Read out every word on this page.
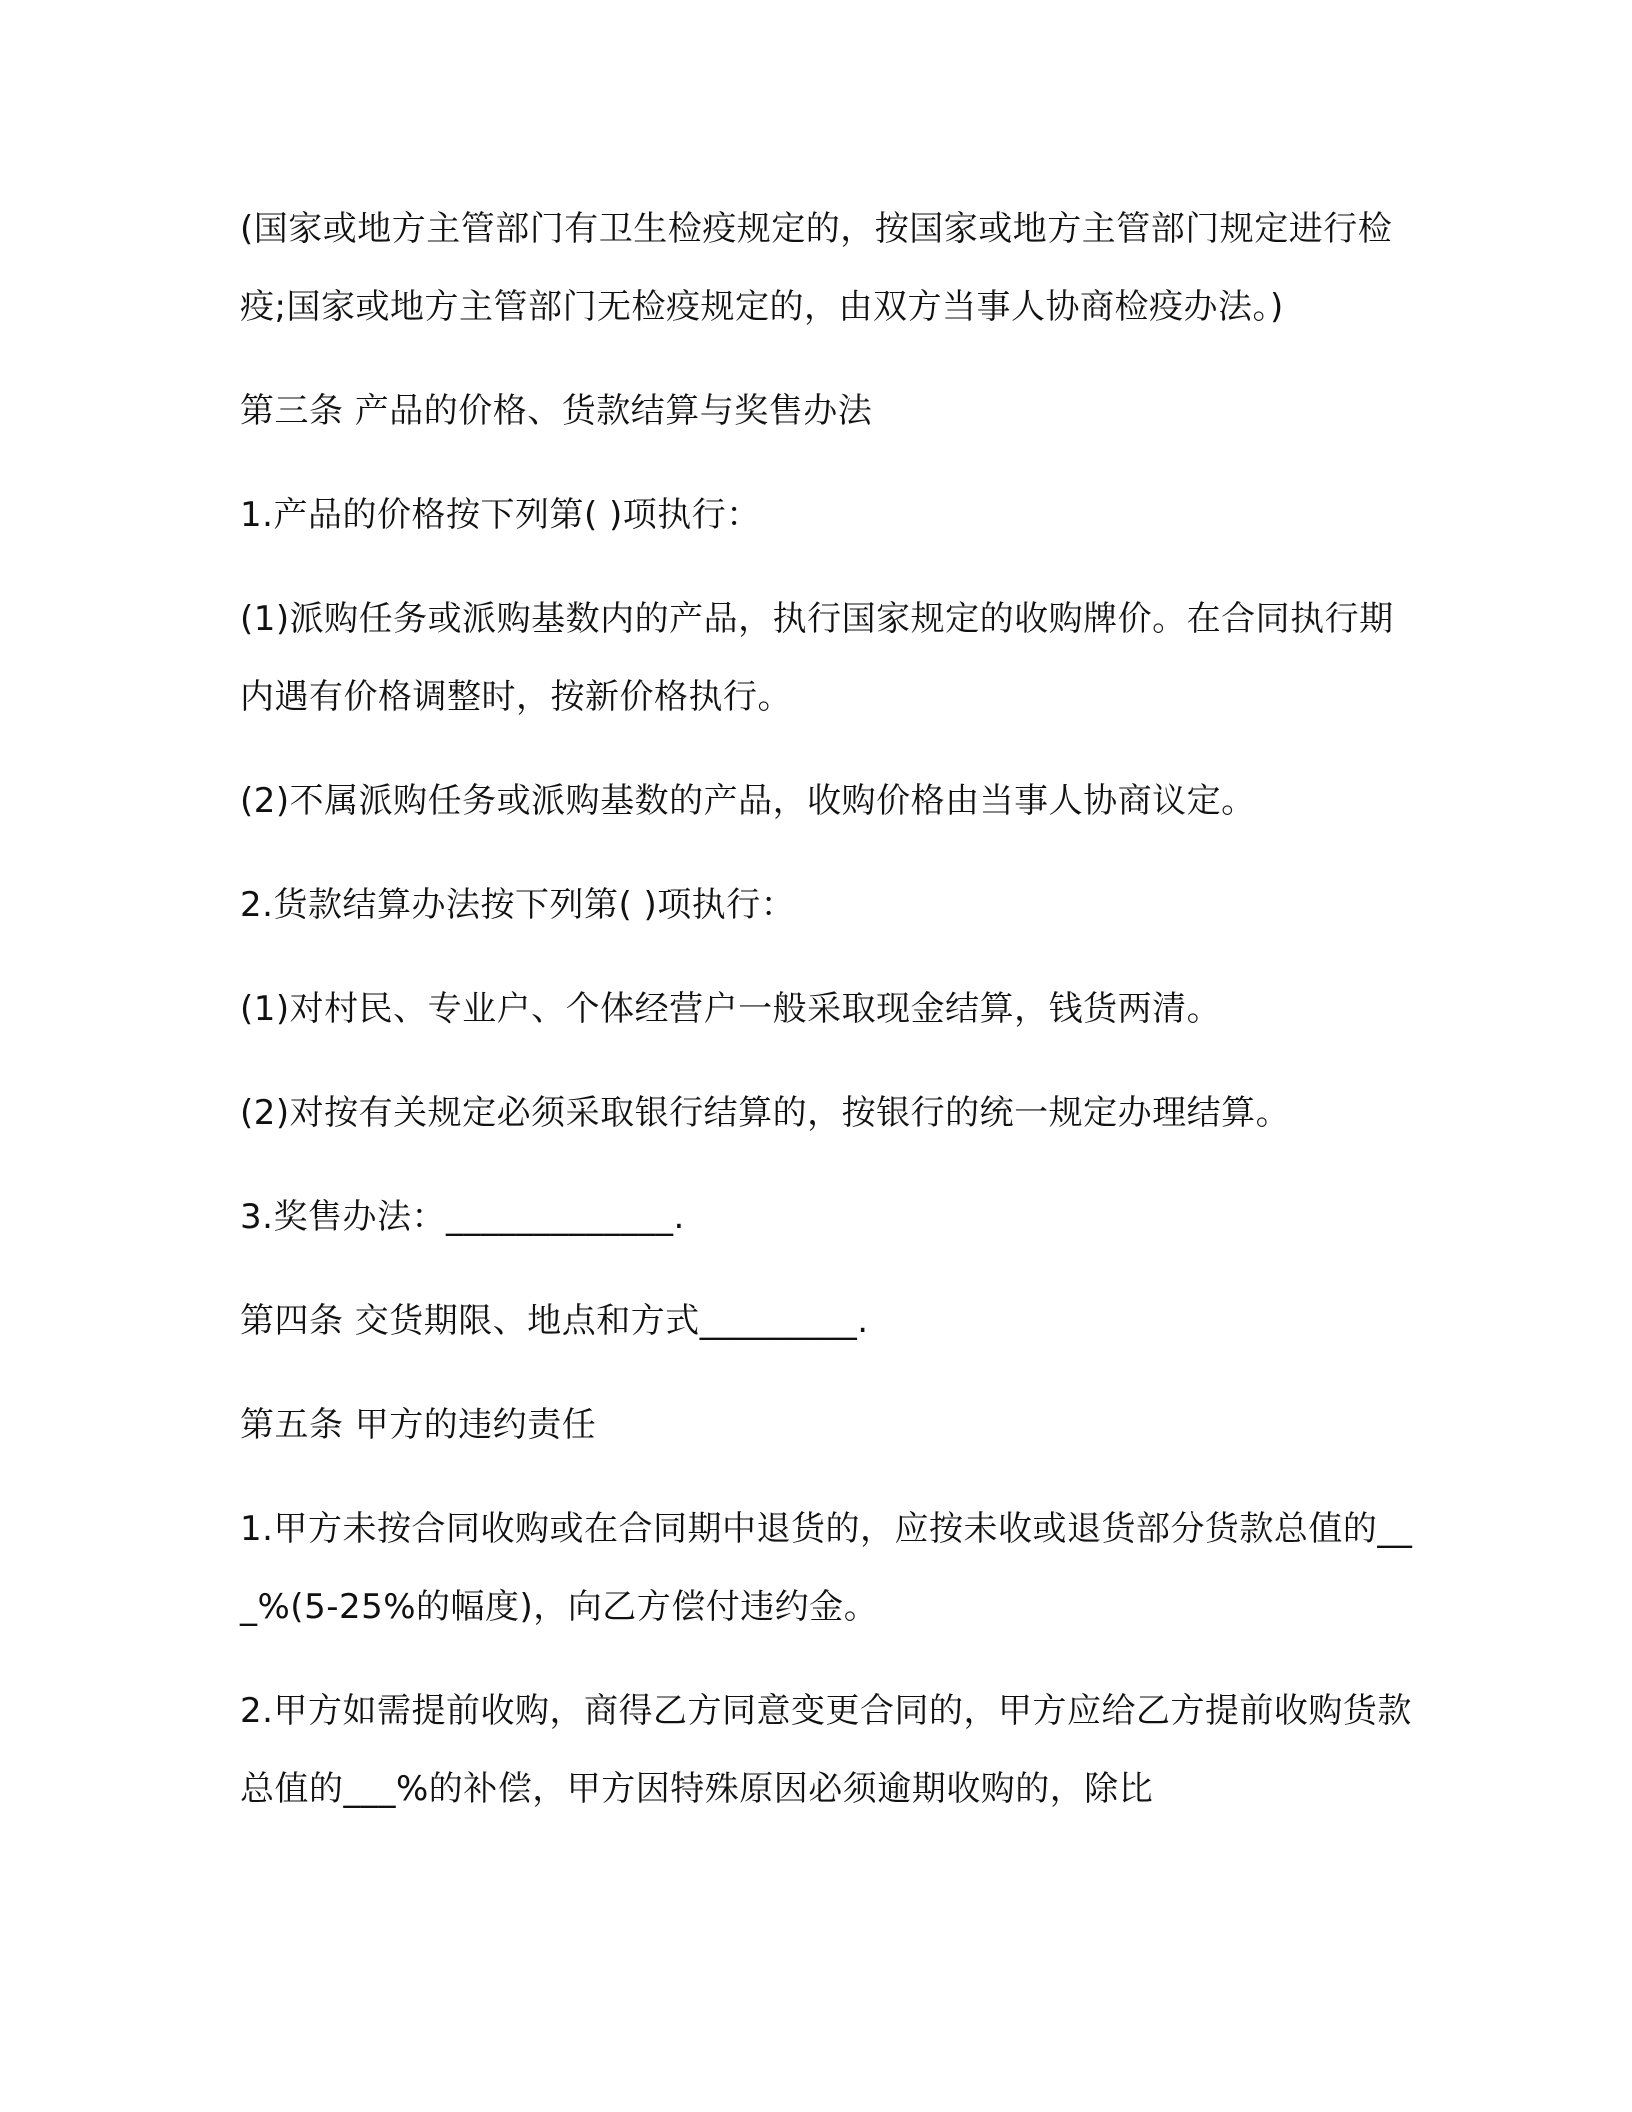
(国家或地方主管部门有卫生检疫规定的，按国家或地方主管部门规定进行检疫;国家或地方主管部门无检疫规定的，由双方当事人协商检疫办法。)

第三条 产品的价格、货款结算与奖售办法

1.产品的价格按下列第( )项执行：

(1)派购任务或派购基数内的产品，执行国家规定的收购牌价。在合同执行期内遇有价格调整时，按新价格执行。

(2)不属派购任务或派购基数的产品，收购价格由当事人协商议定。

2.货款结算办法按下列第( )项执行：

(1)对村民、专业户、个体经营户一般采取现金结算，钱货两清。

(2)对按有关规定必须采取银行结算的，按银行的统一规定办理结算。

3.奖售办法：_____________.

第四条 交货期限、地点和方式_________.

第五条 甲方的违约责任

1.甲方未按合同收购或在合同期中退货的，应按未收或退货部分货款总值的___%(5-25%的幅度)，向乙方偿付违约金。

2.甲方如需提前收购，商得乙方同意变更合同的，甲方应给乙方提前收购货款总值的___%的补偿，甲方因特殊原因必须逾期收购的，除比
